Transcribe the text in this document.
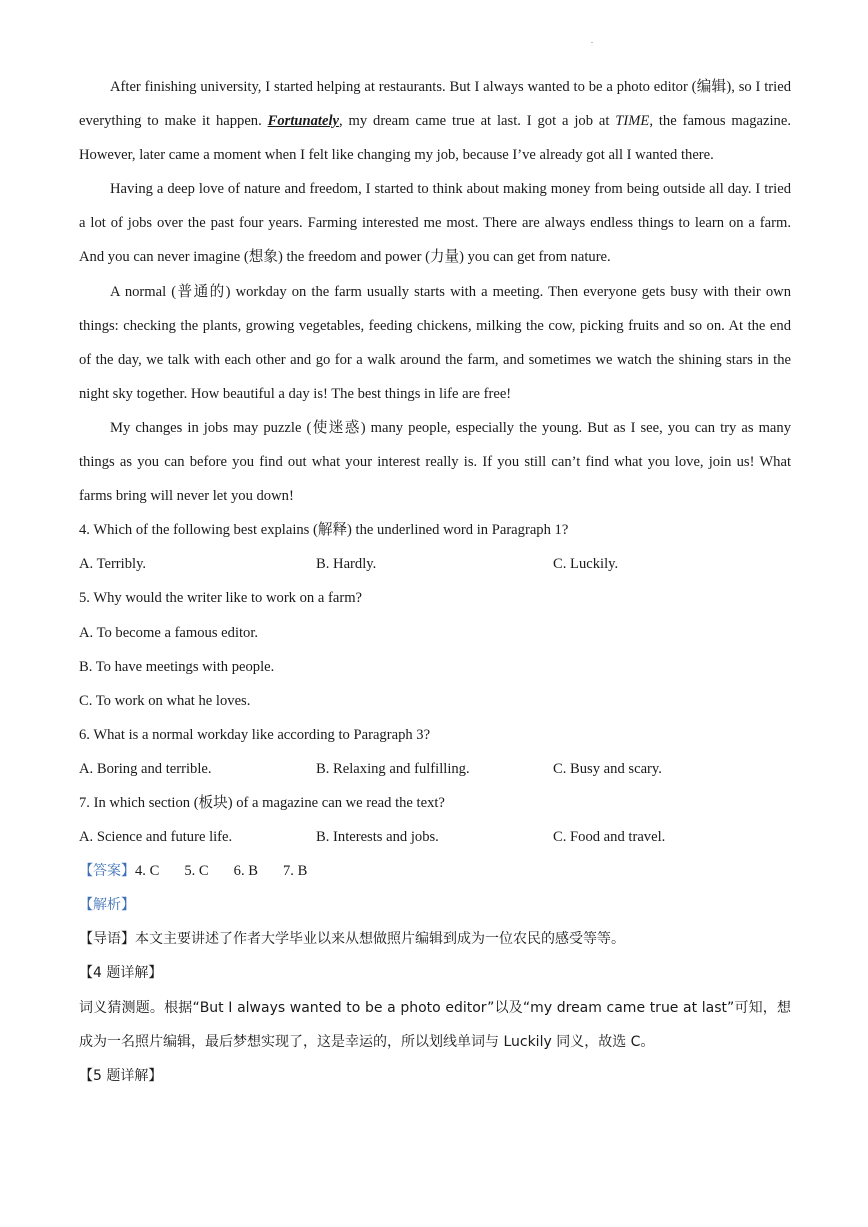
.

After finishing university, I started helping at restaurants. But I always wanted to be a photo editor (编辑), so I tried everything to make it happen. Fortunately, my dream came true at last. I got a job at TIME, the famous magazine. However, later came a moment when I felt like changing my job, because I’ve already got all I wanted there.

Having a deep love of nature and freedom, I started to think about making money from being outside all day. I tried a lot of jobs over the past four years. Farming interested me most. There are always endless things to learn on a farm. And you can never imagine (想象) the freedom and power (力量) you can get from nature.

A normal (普通的) workday on the farm usually starts with a meeting. Then everyone gets busy with their own things: checking the plants, growing vegetables, feeding chickens, milking the cow, picking fruits and so on. At the end of the day, we talk with each other and go for a walk around the farm, and sometimes we watch the shining stars in the night sky together. How beautiful a day is! The best things in life are free!

My changes in jobs may puzzle (使迷惑) many people, especially the young. But as I see, you can try as many things as you can before you find out what your interest really is. If you still can’t find what you love, join us! What farms bring will never let you down!

4. Which of the following best explains (解释) the underlined word in Paragraph 1?

A. Terribly.	B. Hardly.	C. Luckily.

5. Why would the writer like to work on a farm?

A. To become a famous editor.

B. To have meetings with people.

C. To work on what he loves.

6. What is a normal workday like according to Paragraph 3?

A. Boring and terrible.	B. Relaxing and fulfilling.	C. Busy and scary.

7. In which section (板块) of a magazine can we read the text?

A. Science and future life.	B. Interests and jobs.	C. Food and travel.

【答案】4. C 5. C 6. B 7. B

【解析】

【导语】本文主要讲述了作者大学毕业以来从想做照片编辑到成为一位农民的感受等等。

【4 题详解】

词义猜测题。根据“But I always wanted to be a photo editor”以及“my dream came true at last”可知，想成为一名照片编辑，最后梦想实现了，这是幸运的，所以划线单词与 Luckily 同义，故选 C。

【5 题详解】
